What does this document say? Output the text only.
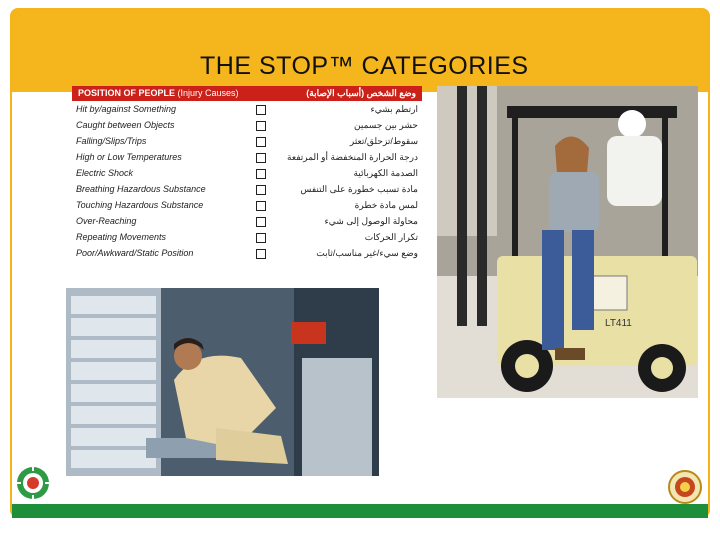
THE STOP™ CATEGORIES
POSITION OF PEOPLE (Injury Causes)	وضع الشخص (أسباب الإصابة)
Hit by/against Something	ارتطم بشيء
Caught between Objects	حشر بين جسمين
Falling/Slips/Trips	سقوط/تزحلق/تعثر
High or Low Temperatures	درجة الحرارة المنخفضة أو المرتفعة
Electric Shock	الصدمة الكهربائية
Breathing Hazardous Substance	مادة تسبب خطورة على التنفس
Touching Hazardous Substance	لمس مادة خطرة
Over-Reaching	محاولة الوصول إلى شيء
Repeating Movements	تكرار الحركات
Poor/Awkward/Static Position	وضع سيء/غير مناسب/ثابت
LT411
